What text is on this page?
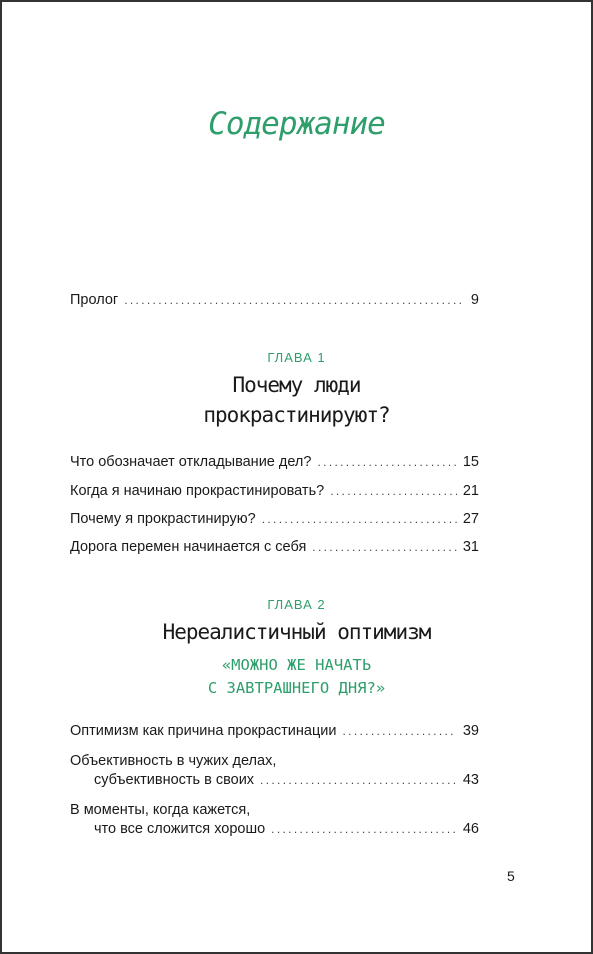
Содержание
Пролог . . .	9
ГЛАВА 1
Почему люди
прокрастинируют?
Что обозначает откладывание дел? . . .	15
Когда я начинаю прокрастинировать? . . .	21
Почему я прокрастинирую? . . .	27
Дорога перемен начинается с себя . . .	31
ГЛАВА 2
Нереалистичный оптимизм
«МОЖНО ЖЕ НАЧАТЬ
С ЗАВТРАШНЕГО ДНЯ?»
Оптимизм как причина прокрастинации . . .	39
Объективность в чужих делах,
субъективность в своих . . .	43
В моменты, когда кажется,
что все сложится хорошо . . .	46
5
